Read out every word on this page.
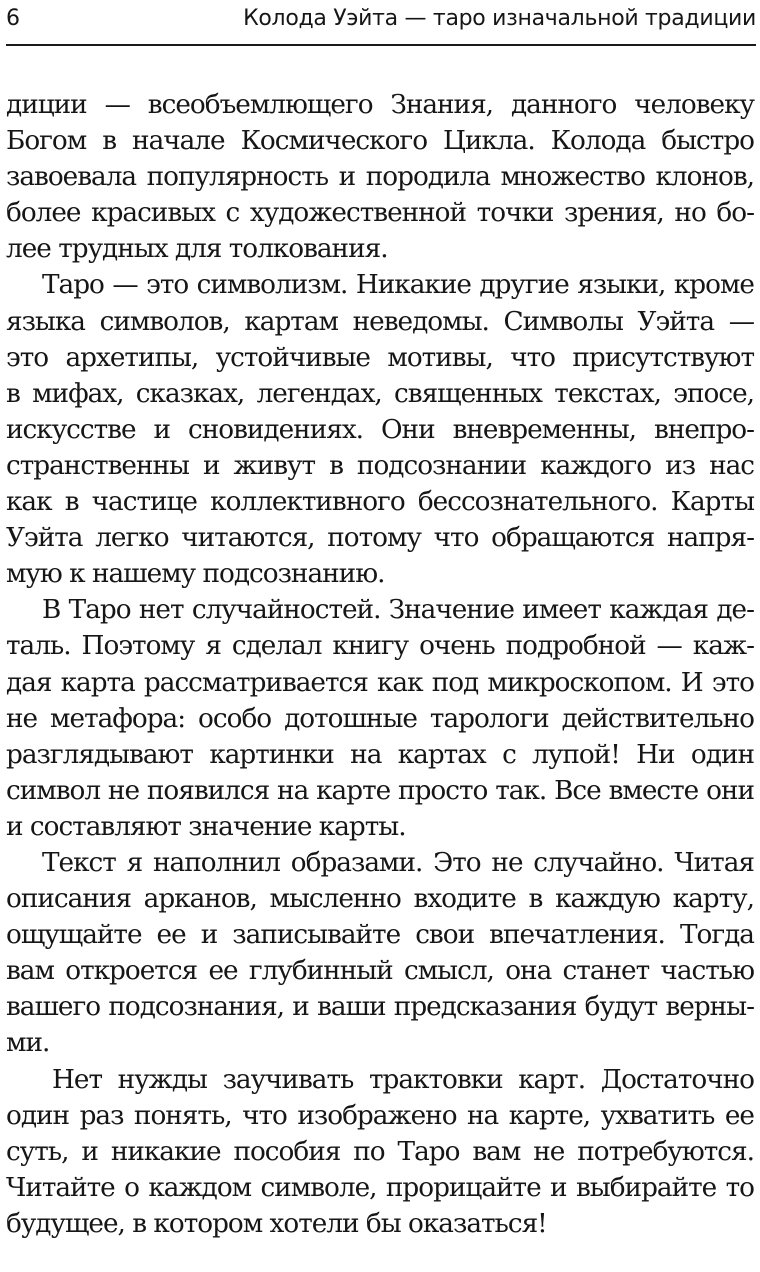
6	Колода Уэйта — таро изначальной традиции
диции — всеобъемлющего Знания, данного человеку
Богом в начале Космического Цикла. Колода быстро
завоевала популярность и породила множество клонов,
более красивых с художественной точки зрения, но бо-
лее трудных для толкования.
Таро — это символизм. Никакие другие языки, кроме
языка символов, картам неведомы. Символы Уэйта —
это архетипы, устойчивые мотивы, что присутствуют
в мифах, сказках, легендах, священных текстах, эпосе,
искусстве и сновидениях. Они вневременны, внепро-
странственны и живут в подсознании каждого из нас
как в частице коллективного бессознательного. Карты
Уэйта легко читаются, потому что обращаются напря-
мую к нашему подсознанию.
В Таро нет случайностей. Значение имеет каждая де-
таль. Поэтому я сделал книгу очень подробной — каж-
дая карта рассматривается как под микроскопом. И это
не метафора: особо дотошные тарологи действительно
разглядывают картинки на картах с лупой! Ни один
символ не появился на карте просто так. Все вместе они
и составляют значение карты.
Текст я наполнил образами. Это не случайно. Читая
описания арканов, мысленно входите в каждую карту,
ощущайте ее и записывайте свои впечатления. Тогда
вам откроется ее глубинный смысл, она станет частью
вашего подсознания, и ваши предсказания будут верны-
ми.
Нет нужды заучивать трактовки карт. Достаточно
один раз понять, что изображено на карте, ухватить ее
суть, и никакие пособия по Таро вам не потребуются.
Читайте о каждом символе, прорицайте и выбирайте то
будущее, в котором хотели бы оказаться!
